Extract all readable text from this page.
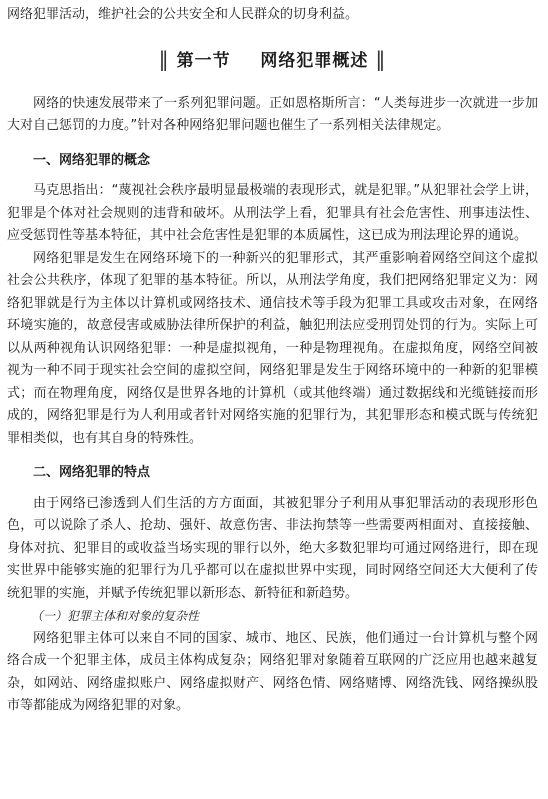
网络犯罪活动，维护社会的公共安全和人民群众的切身利益。

‖ 第一节 网络犯罪概述 ‖

网络的快速发展带来了一系列犯罪问题。正如恩格斯所言：“人类每进步一次就进一步加大对自己惩罚的力度。”针对各种网络犯罪问题也催生了一系列相关法律规定。

一、网络犯罪的概念

马克思指出：“蔑视社会秩序最明显最极端的表现形式，就是犯罪。”从犯罪社会学上讲，犯罪是个体对社会规则的违背和破坏。从刑法学上看，犯罪具有社会危害性、刑事违法性、应受惩罚性等基本特征，其中社会危害性是犯罪的本质属性，这已成为刑法理论界的通说。

网络犯罪是发生在网络环境下的一种新兴的犯罪形式，其严重影响着网络空间这个虚拟社会公共秩序，体现了犯罪的基本特征。所以，从刑法学角度，我们把网络犯罪定义为：网络犯罪就是行为主体以计算机或网络技术、通信技术等手段为犯罪工具或攻击对象，在网络环境实施的，故意侵害或威胁法律所保护的利益，触犯刑法应受刑罚处罚的行为。实际上可以从两种视角认识网络犯罪：一种是虚拟视角，一种是物理视角。在虚拟角度，网络空间被视为一种不同于现实社会空间的虚拟空间，网络犯罪是发生于网络环境中的一种新的犯罪模式；而在物理角度，网络仅是世界各地的计算机（或其他终端）通过数据线和光缆链接而形成的，网络犯罪是行为人利用或者针对网络实施的犯罪行为，其犯罪形态和模式既与传统犯罪相类似，也有其自身的特殊性。

二、网络犯罪的特点

由于网络已渗透到人们生活的方方面面，其被犯罪分子利用从事犯罪活动的表现形形色色，可以说除了杀人、抢劫、强奸、故意伤害、非法拘禁等一些需要两相面对、直接接触、身体对抗、犯罪目的或收益当场实现的罪行以外，绝大多数犯罪均可通过网络进行，即在现实世界中能够实施的犯罪行为几乎都可以在虚拟世界中实现，同时网络空间还大大便利了传统犯罪的实施，并赋予传统犯罪以新形态、新特征和新趋势。

（一）犯罪主体和对象的复杂性

网络犯罪主体可以来自不同的国家、城市、地区、民族，他们通过一台计算机与整个网络合成一个犯罪主体，成员主体构成复杂；网络犯罪对象随着互联网的广泛应用也越来越复杂，如网站、网络虚拟账户、网络虚拟财产、网络色情、网络赌博、网络洗钱、网络操纵股市等都能成为网络犯罪的对象。
